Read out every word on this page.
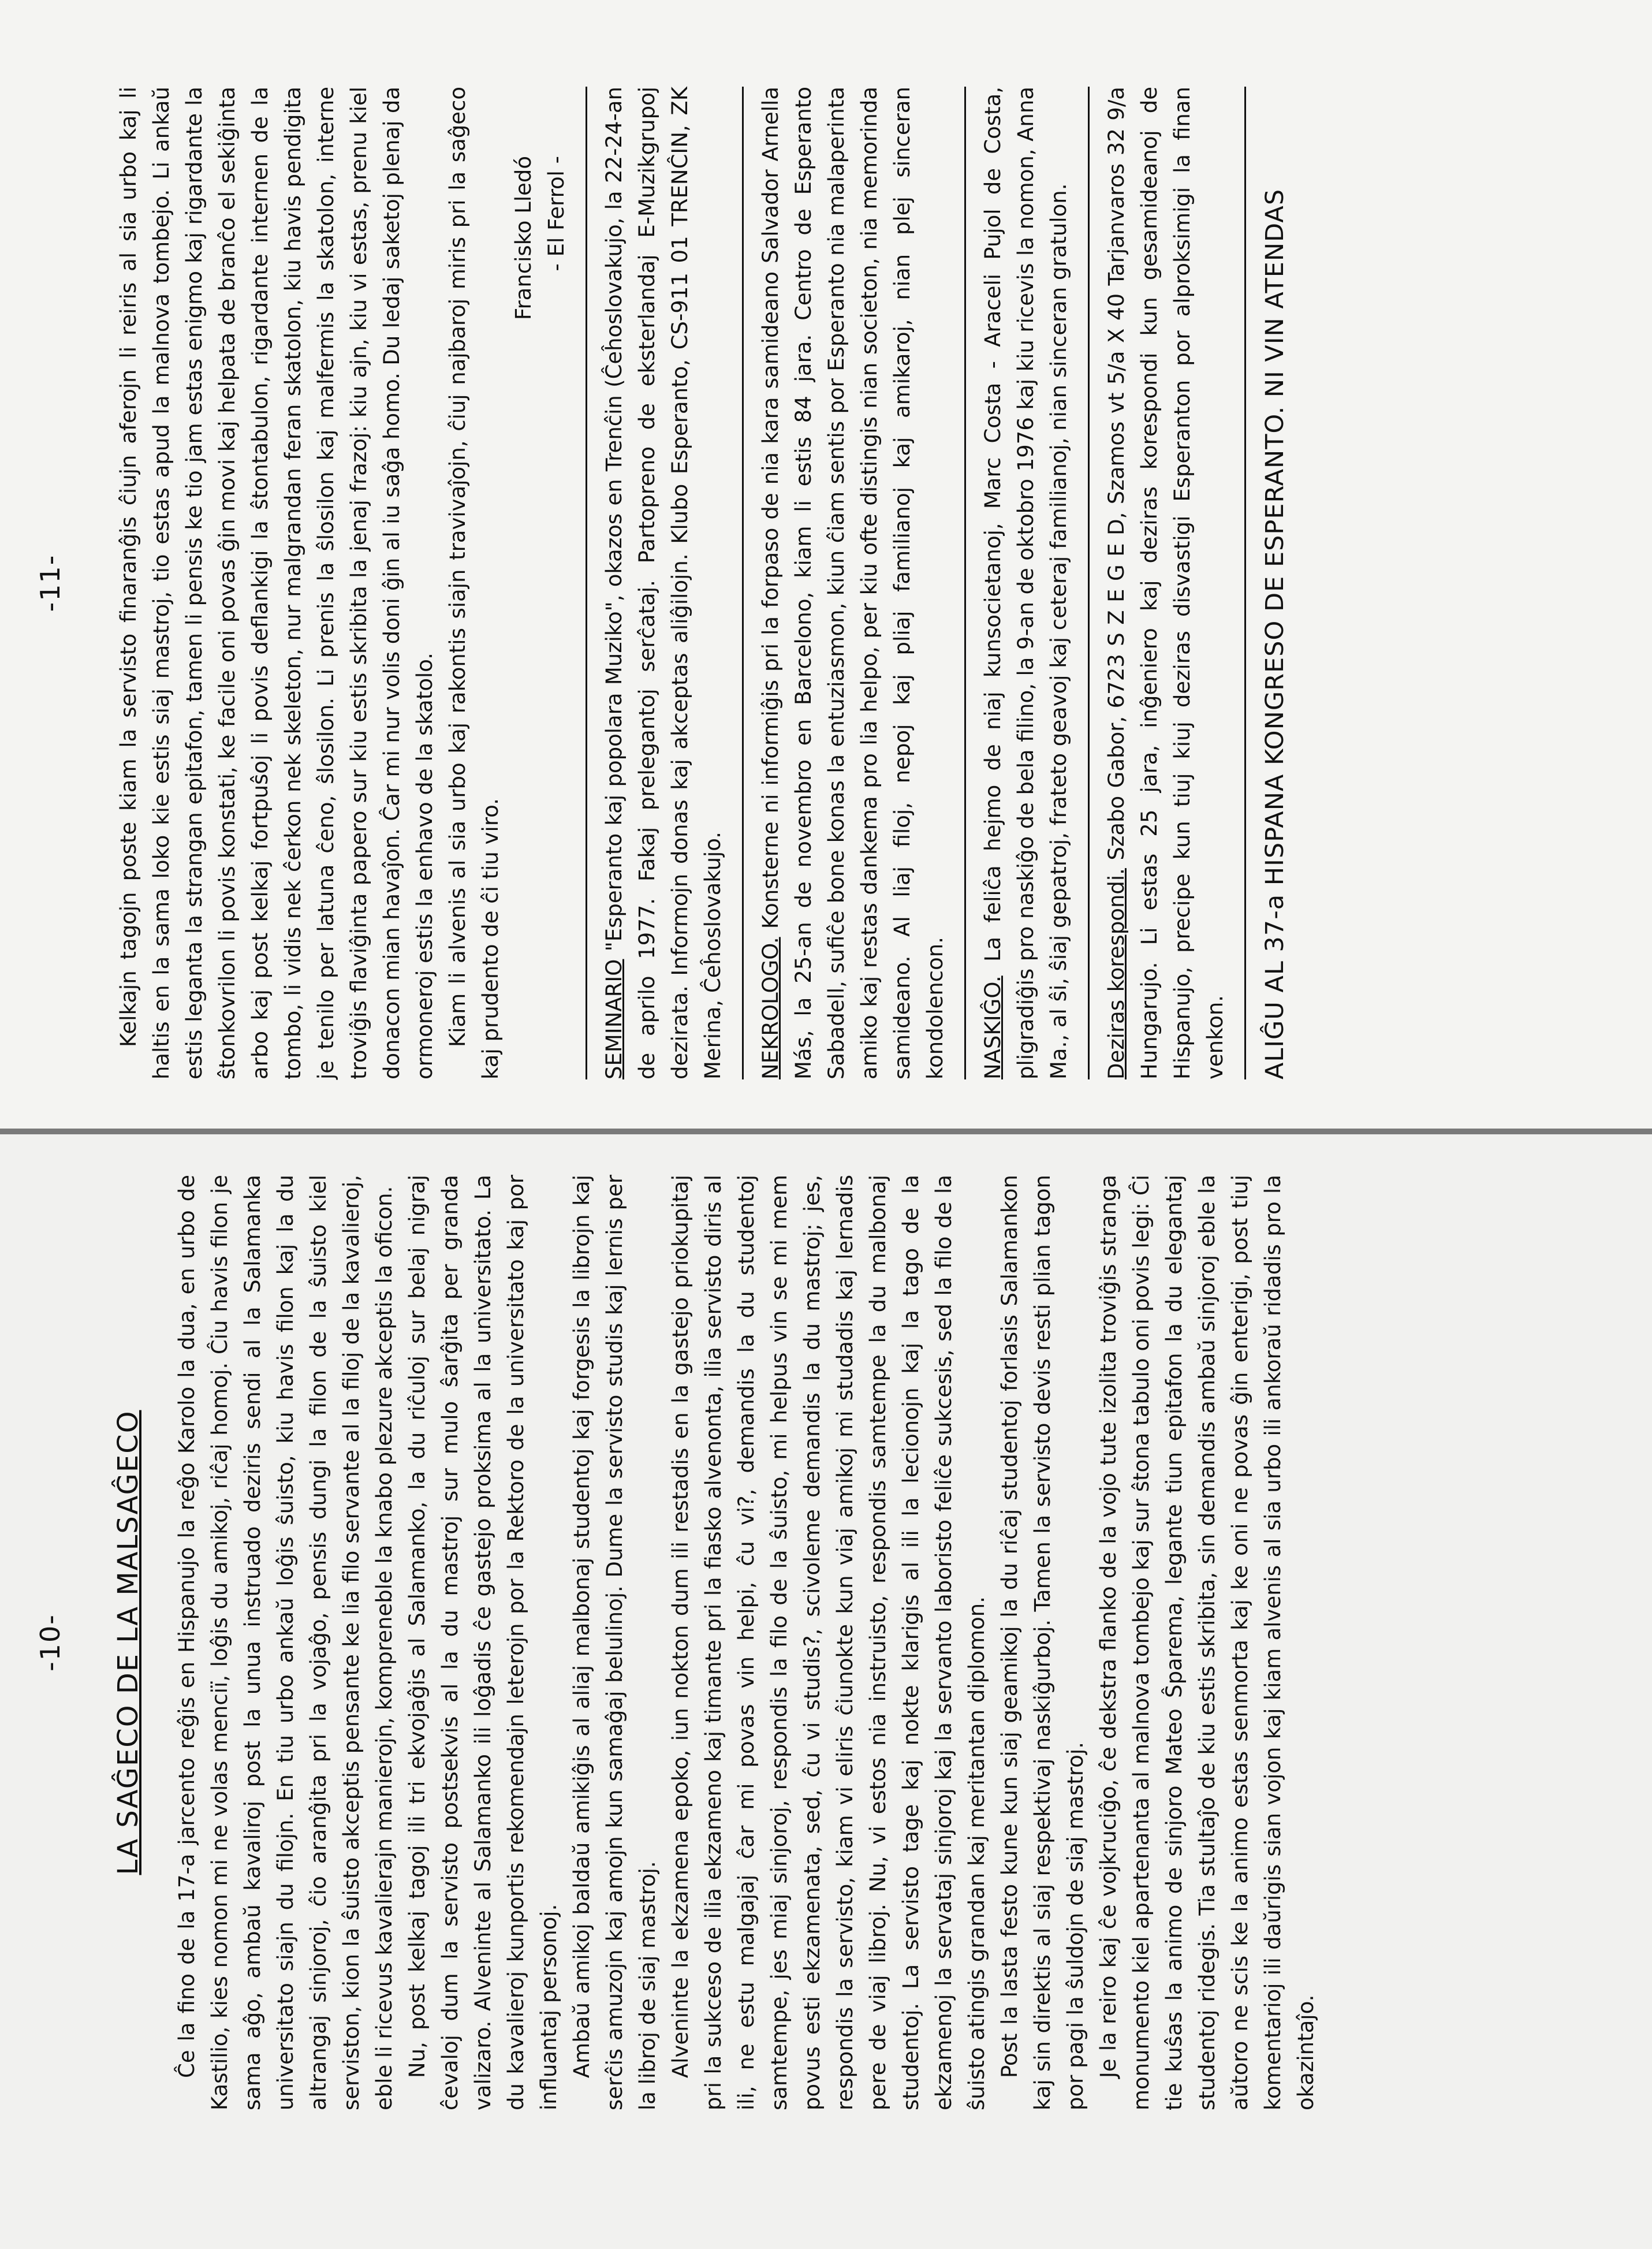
-10- LA SAĜECO DE LA MALSAĜECO Ĉe la fino de la 17-a jarcento reĝis en Hispanujo la reĝo Karolo la dua, en urbo de Kastilio, kies nomon mi ne volas menciï, loĝis du amikoj, riĉaj homoj. Ĉiu havis filon je sama aĝo, ambaŭ kavaliroj post la unua instruado deziris sendi al la Salamanka universitato siajn du filojn. En tiu urbo ankaŭ loĝis ŝuisto, kiu havis filon kaj la du altrangaj sinjoroj, ĉio aranĝita pri la vojaĝo, pensis dungi la filon de la ŝuisto kiel serviston, kion la ŝuisto akceptis pensante ke lia filo servante al la filoj de la kavalieroj, eble li ricevus kavalierajn manierojn, kompreneble la knabo plezure akceptis la oficon. Nu, post kelkaj tagoj ili tri ekvojaĝis al Salamanko, la du riĉuloj sur belaj nigraj ĉevaloj dum la servisto postsekvis al la du mastroj sur mulo ŝarĝita per granda valizaro. Alveninte al Salamanko ili loĝadis ĉe gastejo proksima al la universitato. La du kavalieroj kunportis rekomendajn leterojn por la Rektoro de la universitato kaj por influantaj personoj. Ambaŭ amikoj baldaŭ amikiĝis al aliaj malbonaj studentoj kaj forgesis la librojn kaj serĉis amuzojn kaj amojn kun samaĝaj belulinoj. Dume la servisto studis kaj lernis per la libroj de siaj mastroj. Alveninte la ekzamena epoko, iun nokton dum ili restadis en la gastejo priokupitaj pri la sukceso de ilia ekzameno kaj timante pri la fiasko alvenonta, ilia servisto diris al ili, ne estu malgajaj ĉar mi povas vin helpi, ĉu vi?, demandis la du studentoj samtempe, jes miaj sinjoroj, respondis la filo de la ŝuisto, mi helpus vin se mi mem povus esti ekzamenata, sed, ĉu vi studis?, scivoleme demandis la du mastroj; jes, respondis la servisto, kiam vi eliris ĉiunokte kun viaj amikoj mi studadis kaj lernadis pere de viaj libroj. Nu, vi estos nia instruisto, respondis samtempe la du malbonaj studentoj. La servisto tage kaj nokte klarigis al ili la lecionojn kaj la tago de la ekzamenoj la servataj sinjoroj kaj la servanto laboristo feliĉe sukcesis, sed la filo de la ŝuisto atingis grandan kaj meritantan diplomon. Post la lasta festo kune kun siaj geamikoj la du riĉaj studentoj forlasis Salamankon kaj sin direktis al siaj respektivaj naskiĝurboj. Tamen la servisto devis resti plian tagon por pagi la ŝuldojn de siaj mastroj. Je la reiro kaj ĉe vojkruciĝo, ĉe dekstra flanko de la vojo tute izolita troviĝis stranga monumento kiel apartenanta al malnova tombejo kaj sur ŝtona tabulo oni povis legi: Ĉi tie kuŝas la animo de sinjoro Mateo Ŝparema, legante tiun epitafon la du elegantaj studentoj ridegis. Tia stultaĵo de kiu estis skribita, sin demandis ambaŭ sinjoroj eble la aŭtoro ne scis ke la animo estas senmorta kaj ke oni ne povas ĝin enterigi, post tiuj komentarioj ili daŭrigis sian vojon kaj kiam alvenis al sia urbo ili ankoraŭ ridadis pro la okazintaĵo.

-11- Kelkajn tagojn poste kiam la servisto finaranĝis ĉiujn aferojn li reiris al sia urbo kaj li haltis en la sama loko kie estis siaj mastroj, tio estas apud la malnova tombejo. Li ankaŭ estis leganta la strangan epitafon, tamen li pensis ke tio jam estas enigmo kaj rigardante la ŝtonkovrilon li povis konstati, ke facile oni povas ĝin movi kaj helpata de branĉo el sekiĝinta arbo kaj post kelkaj fortpuŝoj li povis deflankigi la ŝtontabulon, rigardante internen de la tombo, li vidis nek ĉerkon nek skeleton, nur malgrandan feran skatolon, kiu havis pendigita je tenilo per latuna ĉeno, ŝlosilon. Li prenis la ŝlosilon kaj malfermis la skatolon, interne troviĝis flaviĝinta papero sur kiu estis skribita la jenaj frazoj: kiu ajn, kiu vi estas, prenu kiel donacon mian havaĵon. Ĉar mi nur volis doni ĝin al iu saĝa homo. Du ledaj saketoj plenaj da ormoneroj estis la enhavo de la skatolo. Kiam li alvenis al sia urbo kaj rakontis siajn travivaĵojn, ĉiuj najbaroj miris pri la saĝeco kaj prudento de ĉi tiu viro.

Francisko Lledó - El Ferrol -

SEMINARIO "Esperanto kaj popolara Muziko", okazos en Trenĉin (Ĉeĥoslovakujo, la 22-24-an de aprilo 1977. Fakaj prelegantoj serĉataj. Partopreno de eksterlandaj E-Muzikgrupoj dezirata. Informojn donas kaj akceptas aliĝilojn. Klubo Esperanto, CS-911 01 TRENĈIN, ZK Merina, Ĉeĥoslovakujo. NEKROLOGO. Konsterne ni informiĝis pri la forpaso de nia kara samideano Salvador Arnella Más, la 25-an de novembro en Barcelono, kiam li estis 84 jara. Centro de Esperanto Sabadell, sufiĉe bone konas la entuziasmon, kiun ĉiam sentis por Esperanto nia malaperinta amiko kaj restas dankema pro lia helpo, per kiu ofte distingis nian societon, nia memorinda samideano. Al liaj filoj, nepoj kaj pliaj familianoj kaj amikaroj, nian plej sinceran kondolencon. NASKIĜO. La feliĉa hejmo de niaj kunsocietanoj, Marc Costa - Araceli Pujol de Costa, pligradiĝis pro naskiĝo de bela filino, la 9-an de oktobro 1976 kaj kiu ricevis la nomon, Anna Ma., al ŝi, ŝiaj gepatroj, frateto geavoj kaj ceteraj familianoj, nian sinceran gratulon. Deziras korespondi. Szabo Gabor, 6723 S Z E G E D, Szamos vt 5/a X 40 Tarjanvaros 32 9/a Hungarujo. Li estas 25 jara, inĝeniero kaj deziras korespondi kun gesamideanoj de Hispanujo, precipe kun tiuj kiuj deziras disvastigi Esperanton por alproksimigi la finan venkon. ALIĜU AL 37-a HISPANA KONGRESO DE ESPERANTO. NI VIN ATENDAS
